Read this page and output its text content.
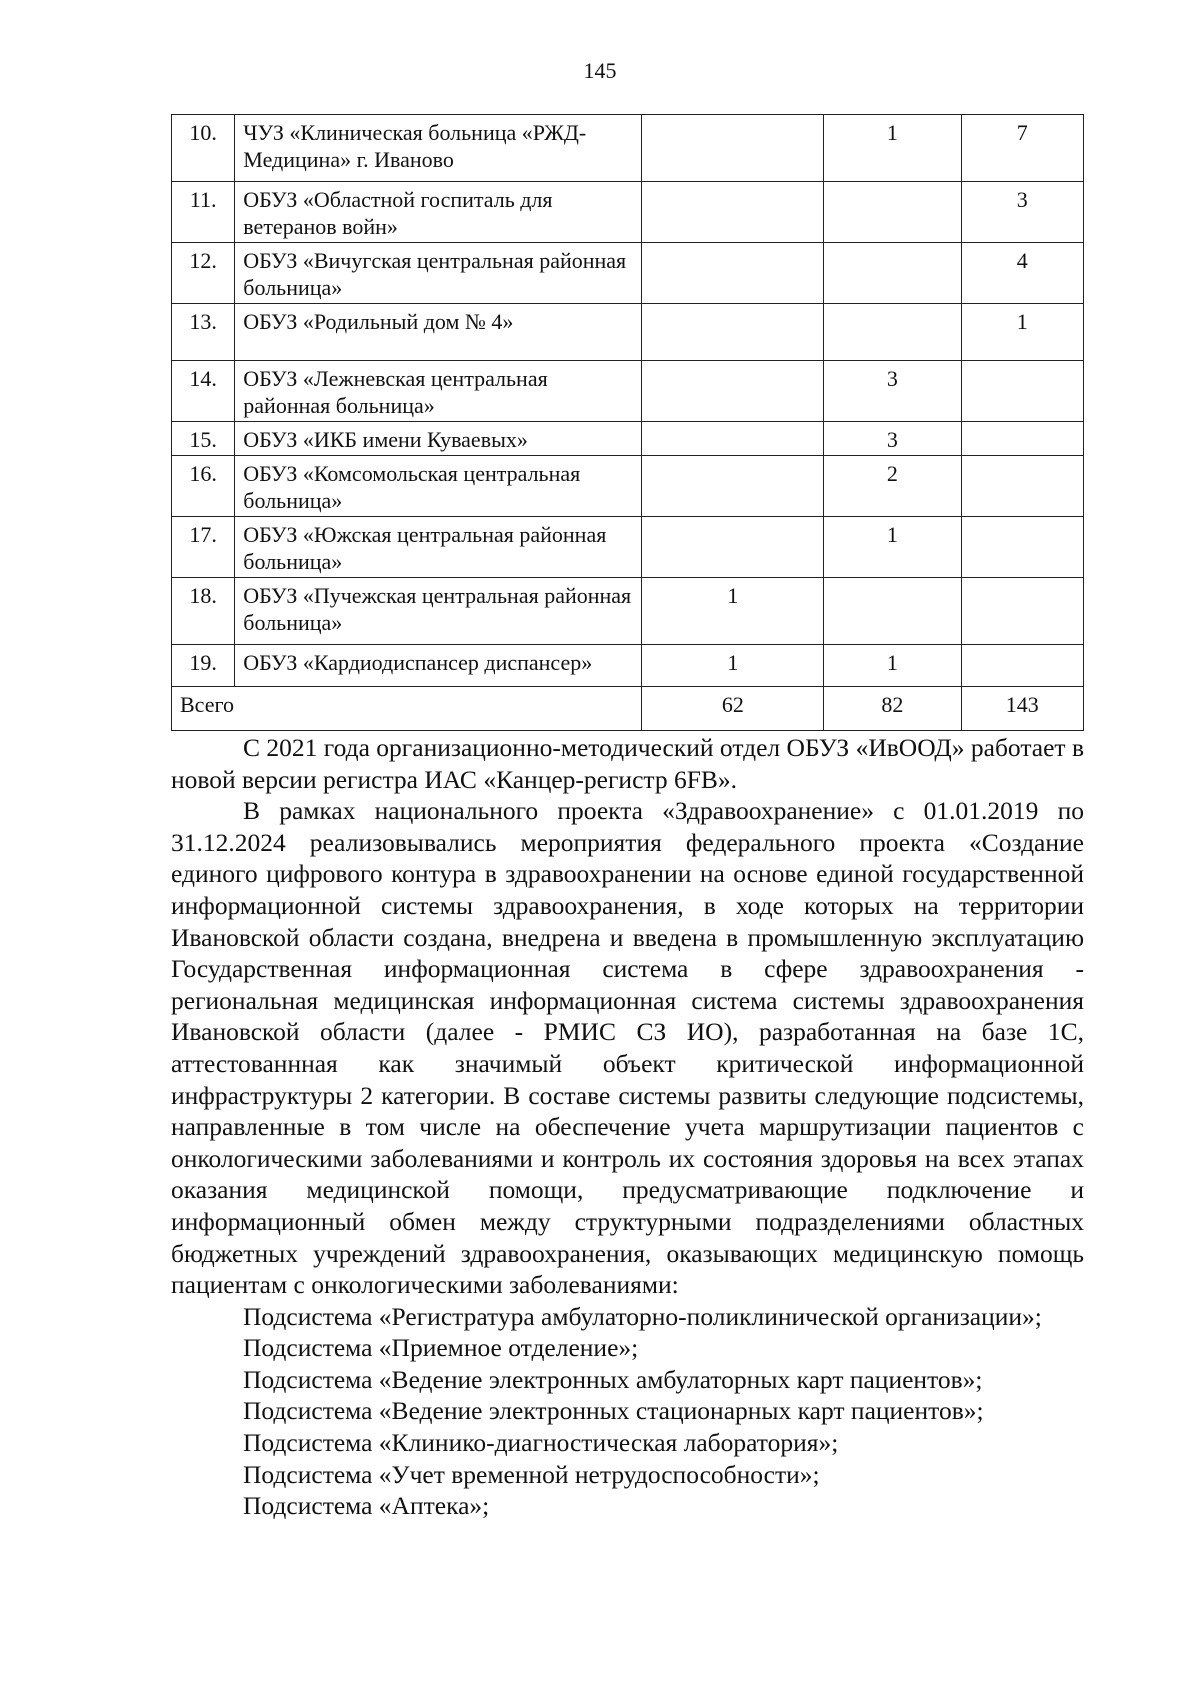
145
10.	ЧУЗ «Клиническая больница «РЖД-Медицина» г. Иваново		1	7
11.	ОБУЗ «Областной госпиталь для ветеранов войн»			3
12.	ОБУЗ «Вичугская центральная районная больница»			4
13.	ОБУЗ «Родильный дом № 4»			1
14.	ОБУЗ «Лежневская центральная районная больница»		3	
15.	ОБУЗ «ИКБ имени Куваевых»		3	
16.	ОБУЗ «Комсомольская центральная больница»		2	
17.	ОБУЗ «Южская центральная районная больница»		1	
18.	ОБУЗ «Пучежская центральная районная больница»	1		
19.	ОБУЗ «Кардиодиспансер диспансер»	1	1	
Всего		62	82	143

С 2021 года организационно-методический отдел ОБУЗ «ИвООД» работает в новой версии регистра ИАС «Канцер-регистр 6FB».

В рамках национального проекта «Здравоохранение» с 01.01.2019 по 31.12.2024 реализовывались мероприятия федерального проекта «Создание единого цифрового контура в здравоохранении на основе единой государственной информационной системы здравоохранения, в ходе которых на территории Ивановской области создана, внедрена и введена в промышленную эксплуатацию Государственная информационная система в сфере здравоохранения - региональная медицинская информационная система системы здравоохранения Ивановской области (далее - РМИС СЗ ИО), разработанная на базе 1С, аттестованнная как значимый объект критической информационной инфраструктуры 2 категории. В составе системы развиты следующие подсистемы, направленные в том числе на обеспечение учета маршрутизации пациентов с онкологическими заболеваниями и контроль их состояния здоровья на всех этапах оказания медицинской помощи, предусматривающие подключение и информационный обмен между структурными подразделениями областных бюджетных учреждений здравоохранения, оказывающих медицинскую помощь пациентам с онкологическими заболеваниями:

Подсистема «Регистратура амбулаторно-поликлинической организации»;

Подсистема «Приемное отделение»;

Подсистема «Ведение электронных амбулаторных карт пациентов»;

Подсистема «Ведение электронных стационарных карт пациентов»;

Подсистема «Клинико-диагностическая лаборатория»;

Подсистема «Учет временной нетрудоспособности»;

Подсистема «Аптека»;
